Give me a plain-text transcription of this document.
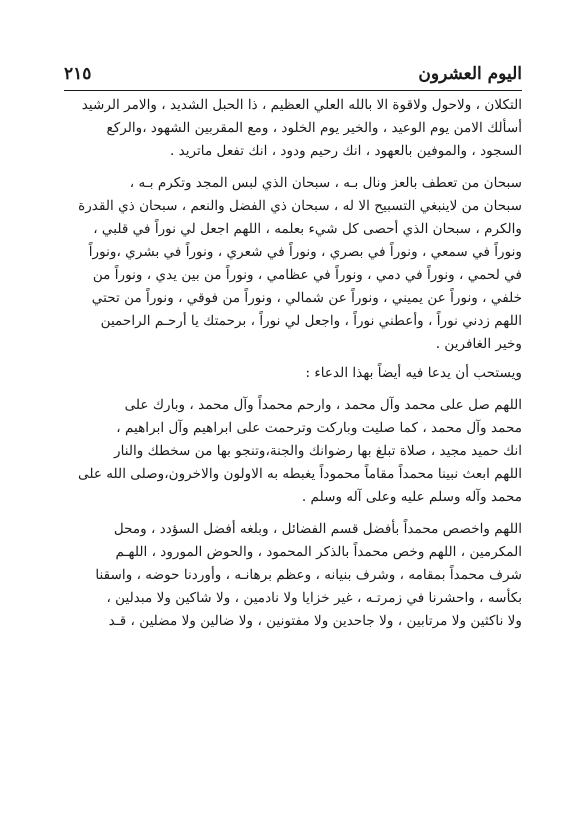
اليوم العشرون
٢١٥
التكلان ، ولاحول ولاقوة الا بالله العلي العظيم ، ذا الحبل الشديد ، والامر الرشيد
أسألك الامن يوم الوعيد ، والخير يوم الخلود ، ومع المقربين الشهود ،والركع
السجود ، والموفين بالعهود ، انك رحيم ودود ، انك تفعل ماتريد .
سبحان من تعطف بالعز ونال بـه ، سبحان الذي لبس المجد وتكرم بـه ،
سبحان من لاينبغي التسبيح الا له ، سبحان ذي الفضل والنعم ، سبحان ذي القدرة
والكرم ، سبحان الذي أحصى كل شيء بعلمه ، اللهم اجعل لي نوراً في قلبي ،
ونوراً في سمعي ، ونوراً في بصري ، ونوراً في شعري ، ونوراً في بشري ،ونوراً
في لحمي ، ونوراً في دمي ، ونوراً في عظامي ، ونوراً من بين يدي ، ونوراً من
خلفي ، ونوراً عن يميني ، ونوراً عن شمالي ، ونوراً من فوقي ، ونوراً من تحتي
اللهم زدني نوراً ، وأعطني نوراً ، واجعل لي نوراً ، برحمتك يا أرحـم الراحمين
وخير الغافرين .
ويستحب أن يدعا فيه أيضاً بهذا الدعاء :
اللهم صل على محمد وآل محمد ، وارحم محمداً وآل محمد ، وبارك على
محمد وآل محمد ، كما صليت وباركت وترحمت على ابراهيم وآل ابراهيم ،
انك حميد مجيد ، صلاة تبلغ بها رضوانك والجنة،وتنجو بها من سخطك والنار
اللهم ابعث نبينا محمداً مقاماً محموداً يغبطه به الاولون والاخرون،وصلى الله على
محمد وآله وسلم عليه وعلى آله وسلم .
اللهم واخصص محمداً بأفضل قسم الفضائل ، وبلغه أفضل السؤدد ، ومحل
المكرمين ، اللهم وخص محمداً بالذكر المحمود ، والحوض المورود ، اللهـم
شرف محمداً بمقامه ، وشرف بنيانه ، وعظم برهانـه ، وأوردنا حوضه ، واسقنا
بكأسه ، واحشرنا في زمرتـه ، غير خزايا ولا نادمين ، ولا شاكين ولا مبدلين ،
ولا ناكثين ولا مرتابين ، ولا جاحدين ولا مفتونين ، ولا ضالين ولا مضلين ، قـد
